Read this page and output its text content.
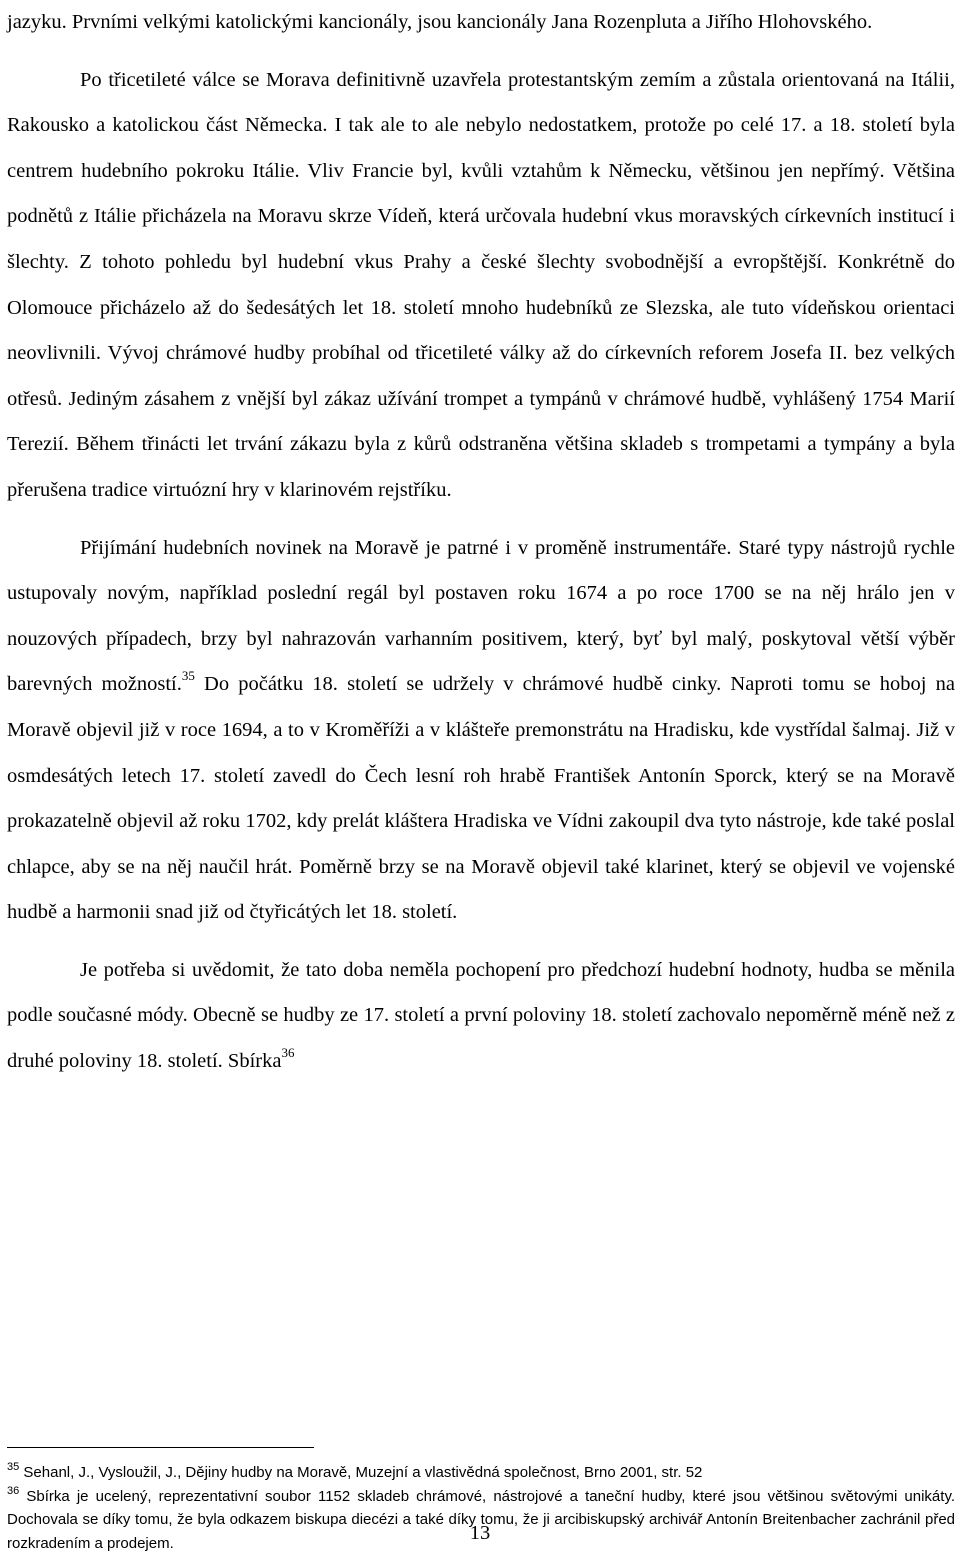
jazyku. Prvními velkými katolickými kancionály, jsou kancionály Jana Rozenpluta a Jiřího Hlohovského.

Po třicetileté válce se Morava definitivně uzavřela protestantským zemím a zůstala orientovaná na Itálii, Rakousko a katolickou část Německa. I tak ale to ale nebylo nedostatkem, protože po celé 17. a 18. století byla centrem hudebního pokroku Itálie. Vliv Francie byl, kvůli vztahům k Německu, většinou jen nepřímý. Většina podnětů z Itálie přicházela na Moravu skrze Vídeň, která určovala hudební vkus moravských církevních institucí i šlechty. Z tohoto pohledu byl hudební vkus Prahy a české šlechty svobodnější a evropštější. Konkrétně do Olomouce přicházelo až do šedesátých let 18. století mnoho hudebníků ze Slezska, ale tuto vídeňskou orientaci neovlivnili. Vývoj chrámové hudby probíhal od třicetileté války až do církevních reforem Josefa II. bez velkých otřesů. Jediným zásahem z vnější byl zákaz užívání trompet a tympánů v chrámové hudbě, vyhlášený 1754 Marií Terezií. Během třinácti let trvání zákazu byla z kůrů odstraněna většina skladeb s trompetami a tympány a byla přerušena tradice virtuózní hry v klarinovém rejstříku.

Přijímání hudebních novinek na Moravě je patrné i v proměně instrumentáře. Staré typy nástrojů rychle ustupovaly novým, například poslední regál byl postaven roku 1674 a po roce 1700 se na něj hrálo jen v nouzových případech, brzy byl nahrazován varhanním positivem, který, byť byl malý, poskytoval větší výběr barevných možností.$^{35}$ Do počátku 18. století se udržely v chrámové hudbě cinky. Naproti tomu se hoboj na Moravě objevil již v roce 1694, a to v Kroměříži a v klášteře premonstrátu na Hradisku, kde vystřídal šalmaj. Již v osmdesátých letech 17. století zavedl do Čech lesní roh hrabě František Antonín Sporck, který se na Moravě prokazatelně objevil až roku 1702, kdy prelát kláštera Hradiska ve Vídni zakoupil dva tyto nástroje, kde také poslal chlapce, aby se na něj naučil hrát. Poměrně brzy se na Moravě objevil také klarinet, který se objevil ve vojenské hudbě a harmonii snad již od čtyřicátých let 18. století.

Je potřeba si uvědomit, že tato doba neměla pochopení pro předchozí hudební hodnoty, hudba se měnila podle současné módy. Obecně se hudby ze 17. století a první poloviny 18. století zachovalo nepoměrně méně než z druhé poloviny 18. století. Sbírka$^{36}$

$^{35}$ Sehanl, J., Vysloužil, J., Dějiny hudby na Moravě, Muzejní a vlastivědná společnost, Brno 2001, str. 52

$^{36}$ Sbírka je ucelený, reprezentativní soubor 1152 skladeb chrámové, nástrojové a taneční hudby, které jsou většinou světovými unikáty. Dochovala se díky tomu, že byla odkazem biskupa diecézi a také díky tomu, že ji arcibiskupský archivář Antonín Breitenbacher zachránil před rozkradením a prodejem.	13
